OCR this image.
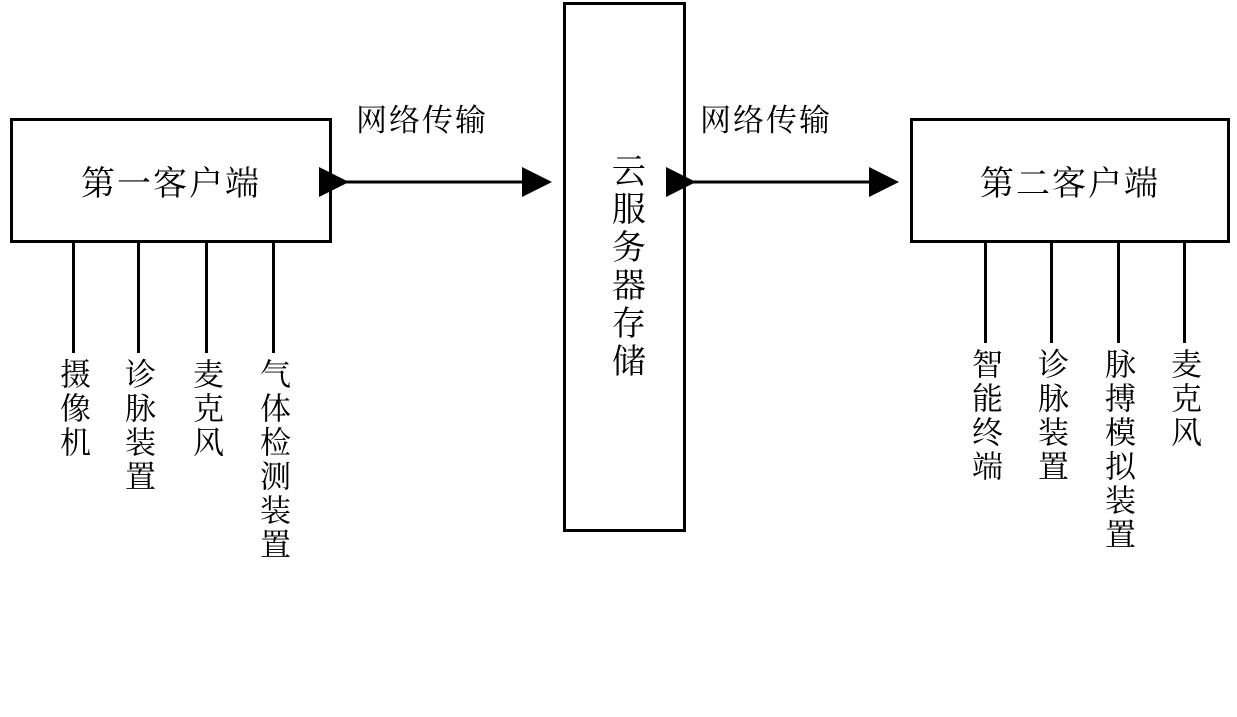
第一客户端	云服务器存储	第二客户端
网络传输	网络传输
摄像机 诊脉装置 麦克风 气体检测装置	智能终端 诊脉装置 脉搏模拟装置 麦克风
